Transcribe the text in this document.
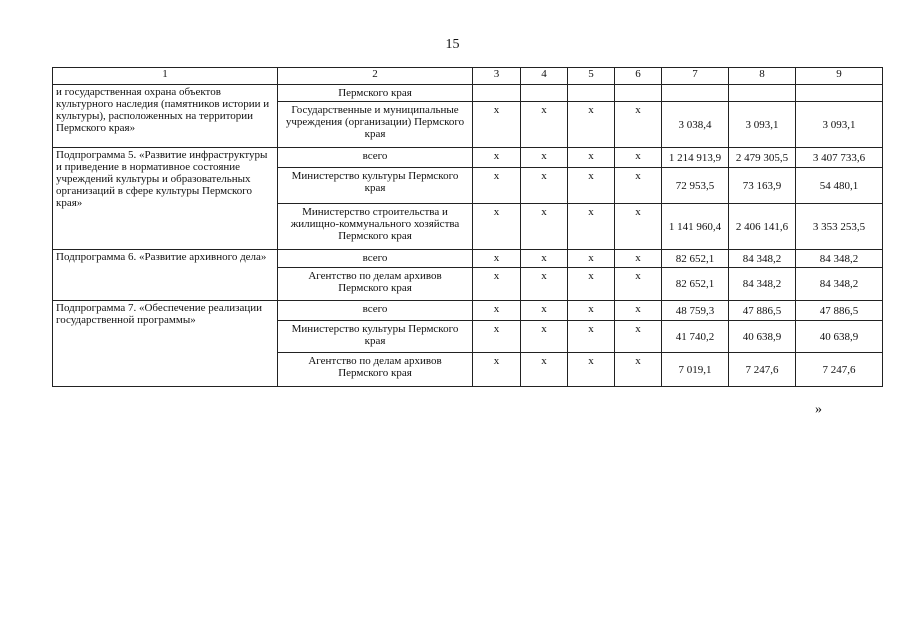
15
1	2	3	4	5	6	7	8	9
и государственная охрана объектов культурного наследия (памятников истории и культуры), расположенных на территории Пермского края»	Пермского края							
	Государственные и муниципальные учреждения (организации) Пермского края	х	х	х	х	3 038,4	3 093,1	3 093,1
Подпрограмма 5. «Развитие инфраструктуры и приведение в нормативное состояние учреждений культуры и образовательных организаций в сфере культуры Пермского края»	всего	х	х	х	х	1 214 913,9	2 479 305,5	3 407 733,6
	Министерство культуры Пермского края	х	х	х	х	72 953,5	73 163,9	54 480,1
	Министерство строительства и жилищно-коммунального хозяйства Пермского края	х	х	х	х	1 141 960,4	2 406 141,6	3 353 253,5
Подпрограмма 6. «Развитие архивного дела»	всего	х	х	х	х	82 652,1	84 348,2	84 348,2
	Агентство по делам архивов Пермского края	х	х	х	х	82 652,1	84 348,2	84 348,2
Подпрограмма 7. «Обеспечение реализации государственной программы»	всего	х	х	х	х	48 759,3	47 886,5	47 886,5
	Министерство культуры Пермского края	х	х	х	х	41 740,2	40 638,9	40 638,9
	Агентство по делам архивов Пермского края	х	х	х	х	7 019,1	7 247,6	7 247,6
»
